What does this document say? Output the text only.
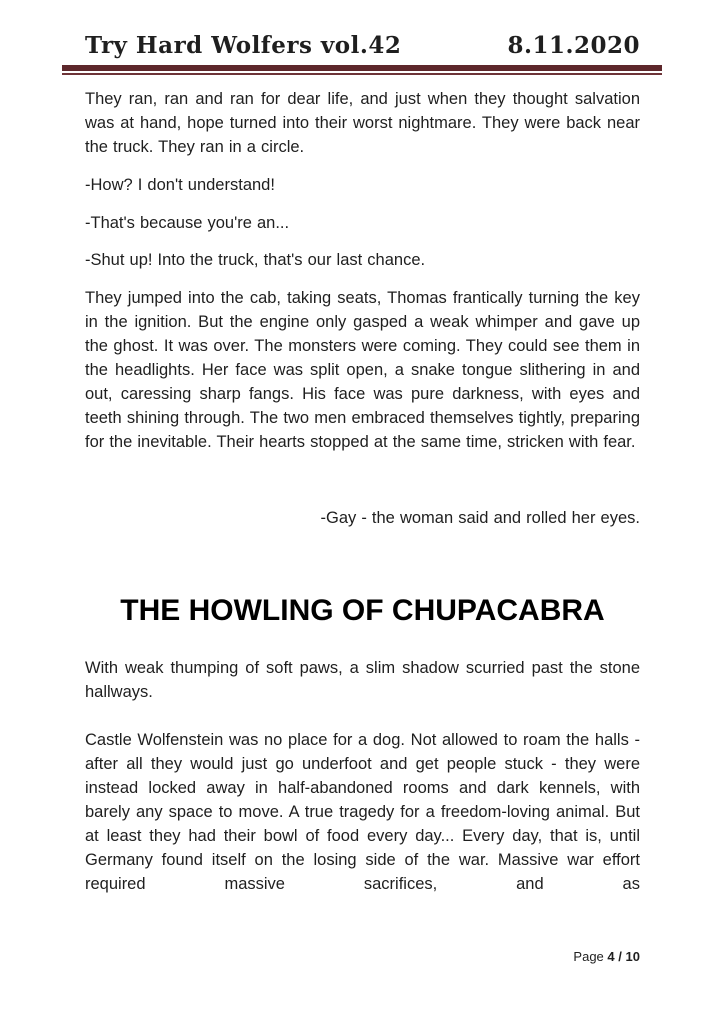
Try Hard Wolfers vol.42	8.11.2020

They ran, ran and ran for dear life, and just when they thought salvation was at hand, hope turned into their worst nightmare. They were back near the truck. They ran in a circle.

-How? I don't understand!

-That's because you're an...

-Shut up! Into the truck, that's our last chance.

They jumped into the cab, taking seats, Thomas frantically turning the key in the ignition. But the engine only gasped a weak whimper and gave up the ghost. It was over. The monsters were coming. They could see them in the headlights. Her face was split open, a snake tongue slithering in and out, caressing sharp fangs. His face was pure darkness, with eyes and teeth shining through. The two men embraced themselves tightly, preparing for the inevitable. Their hearts stopped at the same time, stricken with fear.

-Gay - the woman said and rolled her eyes.

THE HOWLING OF CHUPACABRA

With weak thumping of soft paws, a slim shadow scurried past the stone hallways.

Castle Wolfenstein was no place for a dog. Not allowed to roam the halls - after all they would just go underfoot and get people stuck - they were instead locked away in half-abandoned rooms and dark kennels, with barely any space to move. A true tragedy for a freedom-loving animal. But at least they had their bowl of food every day... Every day, that is, until Germany found itself on the losing side of the war. Massive war effort required massive sacrifices, and as

Page 4 / 10
